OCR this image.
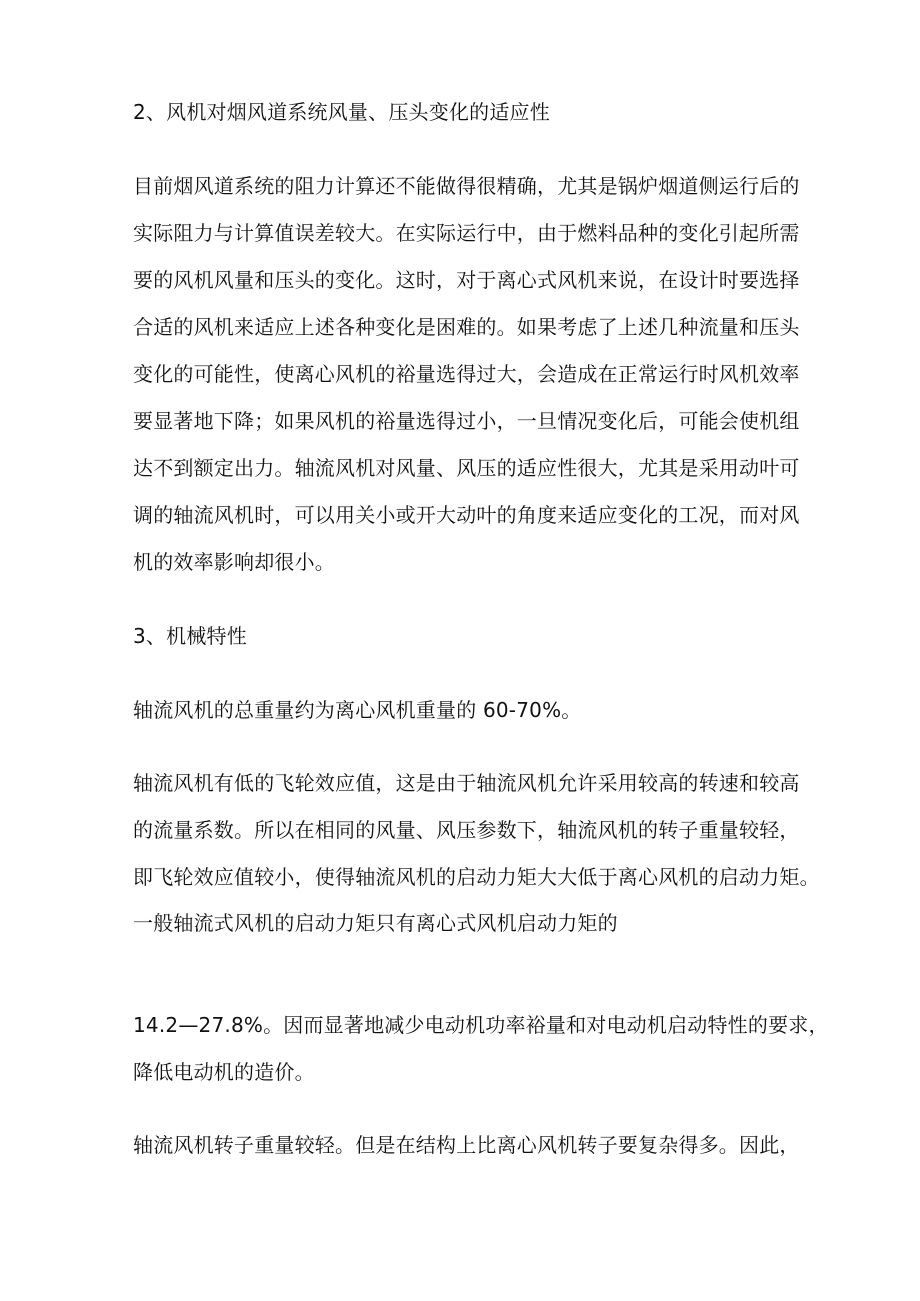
2、风机对烟风道系统风量、压头变化的适应性
目前烟风道系统的阻力计算还不能做得很精确，尤其是锅炉烟道侧运行后的
实际阻力与计算值误差较大。在实际运行中，由于燃料品种的变化引起所需
要的风机风量和压头的变化。这时，对于离心式风机来说，在设计时要选择
合适的风机来适应上述各种变化是困难的。如果考虑了上述几种流量和压头
变化的可能性，使离心风机的裕量选得过大，会造成在正常运行时风机效率
要显著地下降；如果风机的裕量选得过小，一旦情况变化后，可能会使机组
达不到额定出力。轴流风机对风量、风压的适应性很大，尤其是采用动叶可
调的轴流风机时，可以用关小或开大动叶的角度来适应变化的工况，而对风
机的效率影响却很小。
3、机械特性
轴流风机的总重量约为离心风机重量的 60-70%。
轴流风机有低的飞轮效应值，这是由于轴流风机允许采用较高的转速和较高
的流量系数。所以在相同的风量、风压参数下，轴流风机的转子重量较轻，
即飞轮效应值较小，使得轴流风机的启动力矩大大低于离心风机的启动力矩。
一般轴流式风机的启动力矩只有离心式风机启动力矩的
14.2—27.8%。因而显著地减少电动机功率裕量和对电动机启动特性的要求，
降低电动机的造价。
轴流风机转子重量较轻。但是在结构上比离心风机转子要复杂得多。因此，
